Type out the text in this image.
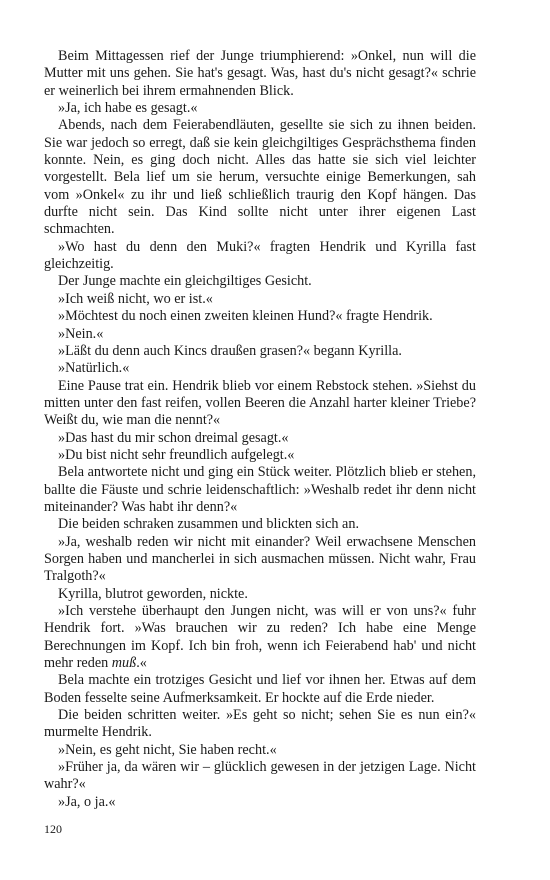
Beim Mittagessen rief der Junge triumphierend: »Onkel, nun will die Mutter mit uns gehen. Sie hat's gesagt. Was, hast du's nicht gesagt?« schrie er weinerlich bei ihrem ermahnenden Blick.

»Ja, ich habe es gesagt.«

Abends, nach dem Feierabendläuten, gesellte sie sich zu ihnen beiden. Sie war jedoch so erregt, daß sie kein gleichgiltiges Gesprächsthema finden konnte. Nein, es ging doch nicht. Alles das hatte sie sich viel leichter vorgestellt. Bela lief um sie herum, versuchte einige Bemerkungen, sah vom »Onkel« zu ihr und ließ schließlich traurig den Kopf hängen. Das durfte nicht sein. Das Kind sollte nicht unter ihrer eigenen Last schmachten.

»Wo hast du denn den Muki?« fragten Hendrik und Kyrilla fast gleichzeitig.

Der Junge machte ein gleichgiltiges Gesicht.

»Ich weiß nicht, wo er ist.«

»Möchtest du noch einen zweiten kleinen Hund?« fragte Hendrik.

»Nein.«

»Läßt du denn auch Kincs draußen grasen?« begann Kyrilla.

»Natürlich.«

Eine Pause trat ein. Hendrik blieb vor einem Rebstock stehen. »Siehst du mitten unter den fast reifen, vollen Beeren die Anzahl harter kleiner Triebe? Weißt du, wie man die nennt?«

»Das hast du mir schon dreimal gesagt.«

»Du bist nicht sehr freundlich aufgelegt.«

Bela antwortete nicht und ging ein Stück weiter. Plötzlich blieb er stehen, ballte die Fäuste und schrie leidenschaftlich: »Weshalb redet ihr denn nicht miteinander? Was habt ihr denn?«

Die beiden schraken zusammen und blickten sich an.

»Ja, weshalb reden wir nicht mit einander? Weil erwachsene Menschen Sorgen haben und mancherlei in sich ausmachen müssen. Nicht wahr, Frau Tralgoth?«

Kyrilla, blutrot geworden, nickte.

»Ich verstehe überhaupt den Jungen nicht, was will er von uns?« fuhr Hendrik fort. »Was brauchen wir zu reden? Ich habe eine Menge Berechnungen im Kopf. Ich bin froh, wenn ich Feierabend hab' und nicht mehr reden muß.«

Bela machte ein trotziges Gesicht und lief vor ihnen her. Etwas auf dem Boden fesselte seine Aufmerksamkeit. Er hockte auf die Erde nieder.

Die beiden schritten weiter. »Es geht so nicht; sehen Sie es nun ein?« murmelte Hendrik.

»Nein, es geht nicht, Sie haben recht.«

»Früher ja, da wären wir – glücklich gewesen in der jetzigen Lage. Nicht wahr?«

»Ja, o ja.«

120
